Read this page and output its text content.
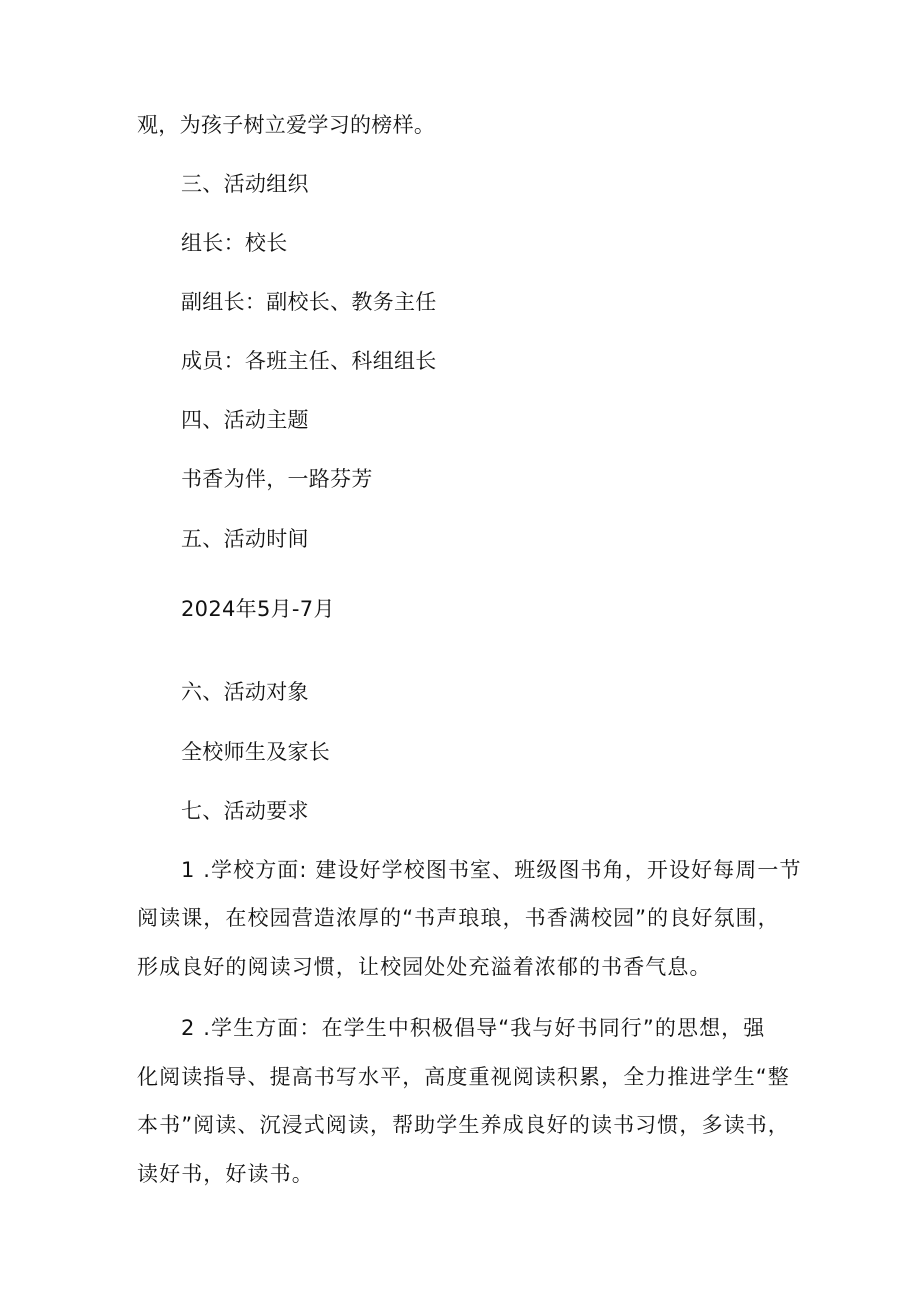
观，为孩子树立爱学习的榜样。
三、活动组织
组长：校长
副组长：副校长、教务主任
成员：各班主任、科组组长
四、活动主题
书香为伴，一路芬芳
五、活动时间
2024年5月-7月
六、活动对象
全校师生及家长
七、活动要求
1 .学校方面: 建设好学校图书室、班级图书角，开设好每周一节
阅读课，在校园营造浓厚的“书声琅琅，书香满校园”的良好氛围，
形成良好的阅读习惯，让校园处处充溢着浓郁的书香气息。
2 .学生方面：在学生中积极倡导“我与好书同行”的思想，强
化阅读指导、提高书写水平，高度重视阅读积累，全力推进学生“整
本书”阅读、沉浸式阅读，帮助学生养成良好的读书习惯，多读书，
读好书，好读书。
